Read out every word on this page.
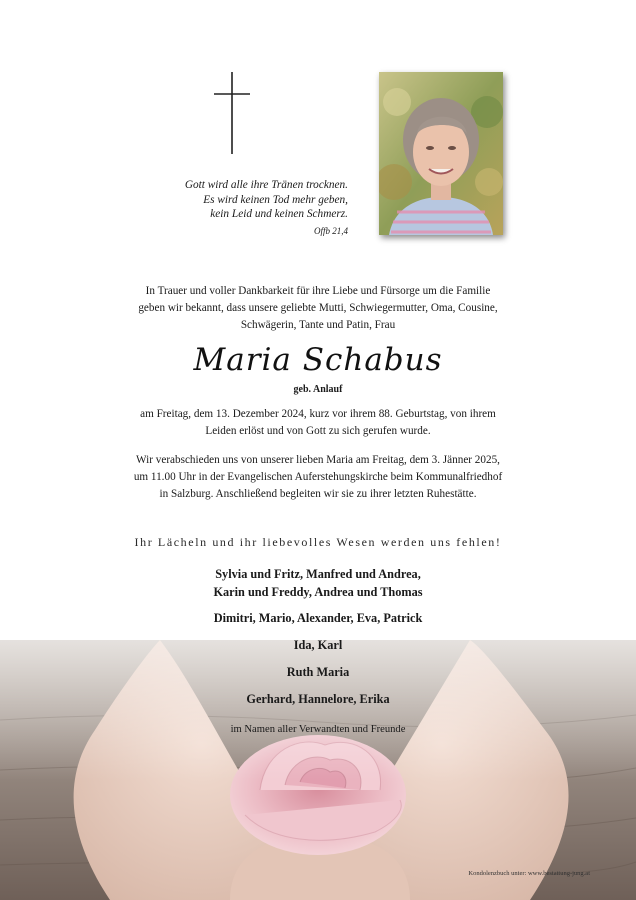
Gott wird alle ihre Tränen trocknen.
Es wird keinen Tod mehr geben,
kein Leid und keinen Schmerz.
Offb 21,4
In Trauer und voller Dankbarkeit für ihre Liebe und Fürsorge um die Familie
geben wir bekannt, dass unsere geliebte Mutti, Schwiegermutter, Oma, Cousine,
Schwägerin, Tante und Patin, Frau
Maria Schabus
geb. Anlauf
am Freitag, dem 13. Dezember 2024, kurz vor ihrem 88. Geburtstag, von ihrem
Leiden erlöst und von Gott zu sich gerufen wurde.
Wir verabschieden uns von unserer lieben Maria am Freitag, dem 3. Jänner 2025,
um 11.00 Uhr in der Evangelischen Auferstehungskirche beim Kommunalfriedhof
in Salzburg. Anschließend begleiten wir sie zu ihrer letzten Ruhestätte.
Ihr Lächeln und ihr liebevolles Wesen werden uns fehlen!
Sylvia und Fritz, Manfred und Andrea,
Karin und Freddy, Andrea und Thomas
Dimitri, Mario, Alexander, Eva, Patrick
Ida, Karl
Ruth Maria
Gerhard, Hannelore, Erika
im Namen aller Verwandten und Freunde
Kondolenzbuch unter: www.bestattung-jung.at
